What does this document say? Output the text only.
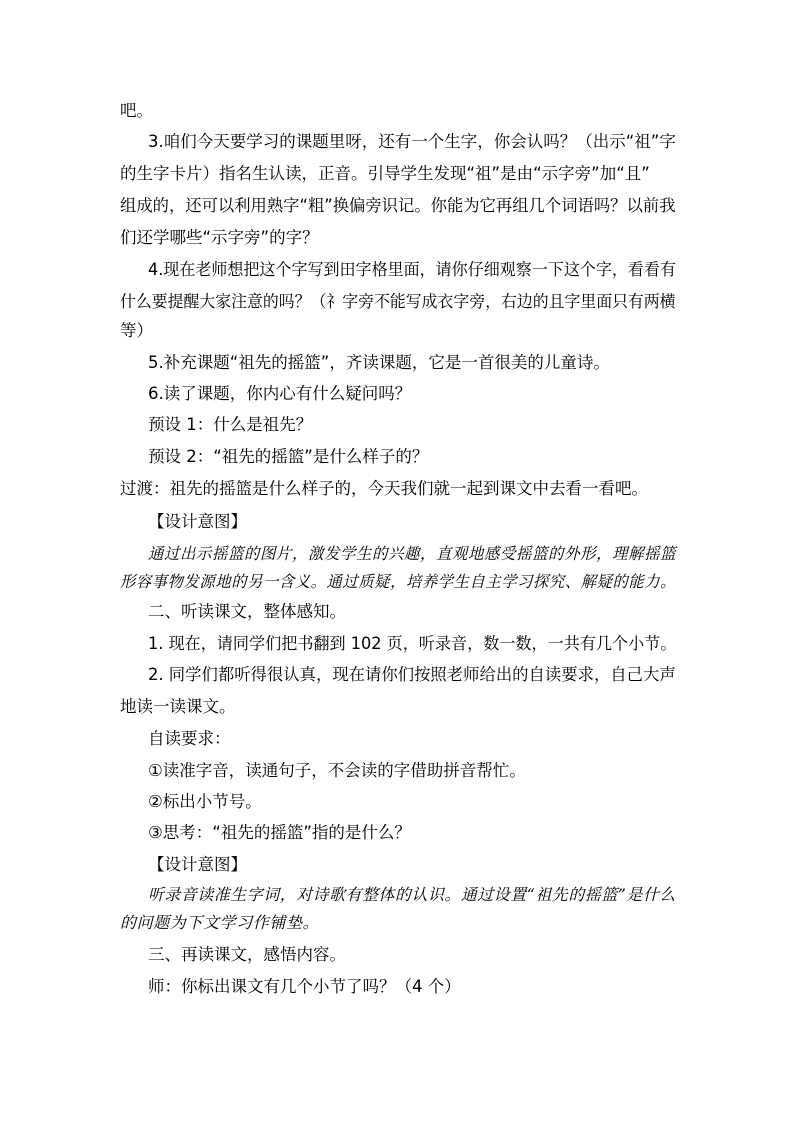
吧。
3.咱们今天要学习的课题里呀，还有一个生字，你会认吗？（出示“祖”字
的生字卡片）指名生认读，正音。引导学生发现“祖”是由“示字旁”加“且”
组成的，还可以利用熟字“粗”换偏旁识记。你能为它再组几个词语吗？以前我
们还学哪些“示字旁”的字？
4.现在老师想把这个字写到田字格里面，请你仔细观察一下这个字，看看有
什么要提醒大家注意的吗？（礻字旁不能写成衣字旁，右边的且字里面只有两横
等）
5.补充课题“祖先的摇篮”，齐读课题，它是一首很美的儿童诗。
6.读了课题，你内心有什么疑问吗？
预设 1：什么是祖先？
预设 2：“祖先的摇篮”是什么样子的？
过渡：祖先的摇篮是什么样子的，今天我们就一起到课文中去看一看吧。
【设计意图】
通过出示摇篮的图片，激发学生的兴趣，直观地感受摇篮的外形，理解摇篮
形容事物发源地的另一含义。通过质疑，培养学生自主学习探究、解疑的能力。
二、听读课文，整体感知。
1. 现在，请同学们把书翻到 102 页，听录音，数一数，一共有几个小节。
2. 同学们都听得很认真，现在请你们按照老师给出的自读要求，自己大声
地读一读课文。
自读要求：
①读准字音，读通句子，不会读的字借助拼音帮忙。
②标出小节号。
③思考：“祖先的摇篮”指的是什么？
【设计意图】
听录音读准生字词，对诗歌有整体的认识。通过设置“祖先的摇篮”是什么
的问题为下文学习作铺垫。
三、再读课文，感悟内容。
师：你标出课文有几个小节了吗？（4 个）
